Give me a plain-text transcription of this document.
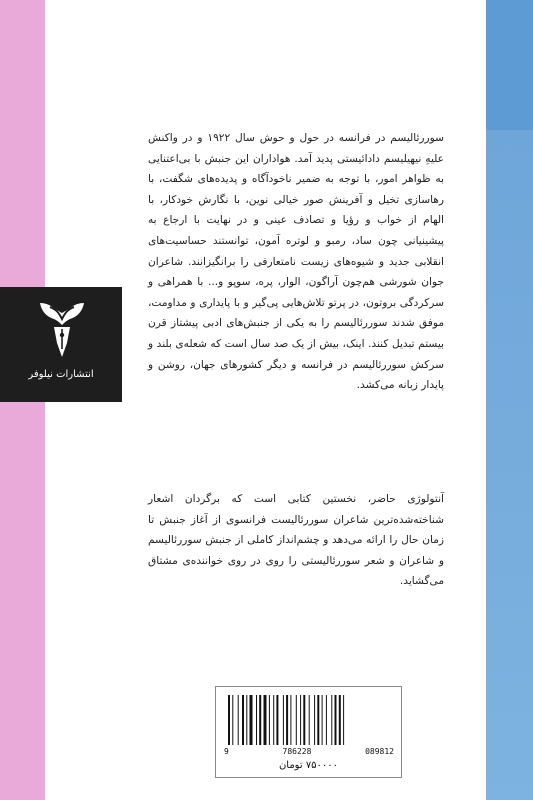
انتشارات نیلوفر

سوررئالیسم در فرانسه در حول و حوش سال ۱۹۲۲ و در واکنش علیهِ نیهیلیسم دادائیستی پدید آمد. هواداران این جنبش با بی‌اعتنایی به ظواهر امور، با توجه به ضمیر ناخودآگاه و پدیده‌های شگفت، با رهاسازی تخیل و آفرینش صور خیالی نوین، با نگارش خودکار، با الهام از خواب و رؤیا و تصادف عینی و در نهایت با ارجاع به پیشینیانی چون ساد، رمبو و لوتره آمون، توانستند حساسیت‌های انقلابی جدید و شیوه‌های زیست نامتعارفی را برانگیزانند. شاعران جوان شورشی هم‌چون آراگون، الوار، پره، سوپو و... با همراهی و سرکردگی بروتون، در پرتو تلاش‌هایی پی‌گیر و با پایداری و مداومت، موفق شدند سوررئالیسم را به یکی از جنبش‌های ادبی پیشتاز قرن بیستم تبدیل کنند. اینک، بیش از یک صد سال است که شعله‌ی بلند و سرکش سوررئالیسم در فرانسه و دیگر کشورهای جهان، روشن و پایدار زبانه می‌کشد.

آنتولوژی حاضر، نخستین کتابی است که برگردان اشعار شناخته‌شده‌ترین شاعران سوررئالیست فرانسوی از آغاز جنبش تا زمان حال را ارائه می‌دهد و چشم‌انداز کاملی از جنبش سوررئالیسم و شاعران و شعر سوررئالیستی را روی در روی خواننده‌ی مشتاق می‌گشاید.

9	786228	089812
۷۵۰۰۰۰ تومان
